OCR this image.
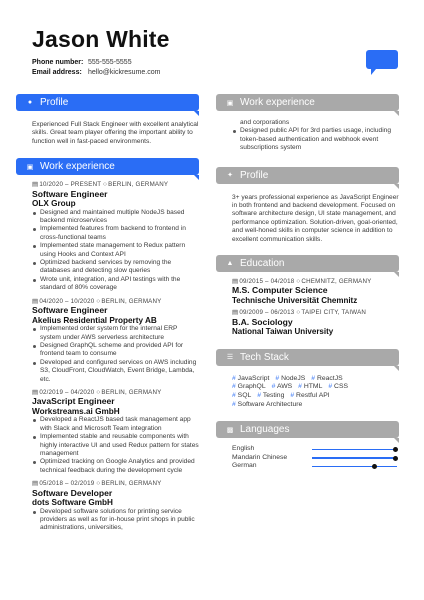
Jason White
Phone number: 555-555-5555
Email address: hello@kickresume.com
● Profile
Experienced Full Stack Engineer with excellent analytical skills. Great team player offering the important ability to function well in fast-paced environments.
▣ Work experience
▤10/2020 – PRESENT ○BERLIN, GERMANY
Software Engineer
OLX Group
Designed and maintained multiple NodeJS based backend microservices
Implemented features from backend to frontend in cross-functional teams
Implemented state management to Redux pattern using Hooks and Context API
Optimized backend services by removing the databases and detecting slow queries
Wrote unit, integration, and API testings with the standard of 80% coverage
▤04/2020 – 10/2020 ○BERLIN, GERMANY
Software Engineer
Akelius Residential Property AB
Implemented order system for the internal ERP system under AWS serverless architecture
Designed GraphQL scheme and provided API for frontend team to consume
Developed and configured services on AWS including S3, CloudFront, CloudWatch, Event Bridge, Lambda, etc.
▤02/2019 – 04/2020 ○BERLIN, GERMANY
JavaScript Engineer
Workstreams.ai GmbH
Developed a ReactJS based task management app with Slack and Microsoft Team integration
Implemented stable and reusable components with highly interactive UI and used Redux pattern for states management
Optimized tracking on Google Analytics and provided technical feedback during the development cycle
▤05/2018 – 02/2019 ○BERLIN, GERMANY
Software Developer
dots Software GmbH
Developed software solutions for printing service providers as well as for in-house print shops in public administrations, universities,
▣ Work experience
and corporations
Designed public API for 3rd parties usage, including token-based authentication and webhook event subscriptions system
✦ Profile
3+ years professional experience as JavaScript Engineer in both frontend and backend development. Focused on software architecture design, UI state management, and performance optimization. Solution-driven, goal-oriented, and well-honed skills in computer science in addition to excellent communication skills.
▲ Education
▤09/2015 – 04/2018 ○CHEMNITZ, GERMANY
M.S. Computer Science
Technische Universität Chemnitz
▤09/2009 – 06/2013 ○TAIPEI CITY, TAIWAN
B.A. Sociology
National Taiwan University
☰ Tech Stack
# JavaScript # NodeJS # ReactJS
# GraphQL # AWS # HTML # CSS
# SQL # Testing # Restful API
# Software Architecture
▩ Languages
English
Mandarin Chinese
German
